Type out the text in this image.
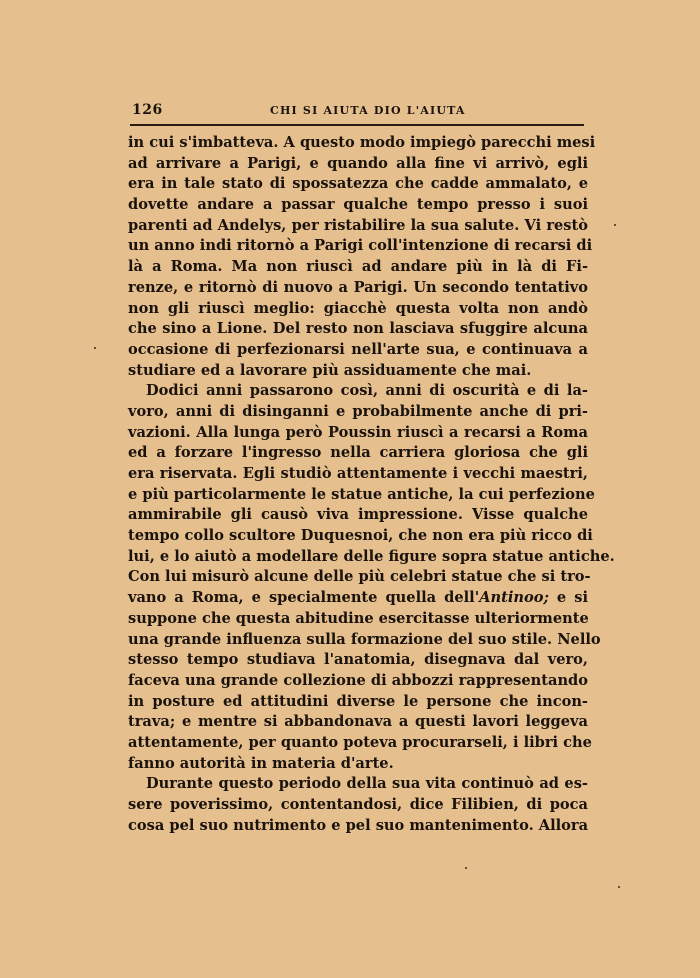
126	CHI SI AIUTA DIO L'AIUTA
in cui s'imbatteva. A questo modo impiegò parecchi mesi
ad arrivare a Parigi, e quando alla fine vi arrivò, egli
era in tale stato di spossatezza che cadde ammalato, e
dovette andare a passar qualche tempo presso i suoi
parenti ad Andelys, per ristabilire la sua salute. Vi restò
un anno indi ritornò a Parigi coll'intenzione di recarsi di
là a Roma. Ma non riuscì ad andare più in là di Fi-
renze, e ritornò di nuovo a Parigi. Un secondo tentativo
non gli riuscì meglio: giacchè questa volta non andò
che sino a Lione. Del resto non lasciava sfuggire alcuna
occasione di perfezionarsi nell'arte sua, e continuava a
studiare ed a lavorare più assiduamente che mai.
Dodici anni passarono così, anni di oscurità e di la-
voro, anni di disinganni e probabilmente anche di pri-
vazioni. Alla lunga però Poussin riuscì a recarsi a Roma
ed a forzare l'ingresso nella carriera gloriosa che gli
era riservata. Egli studiò attentamente i vecchi maestri,
e più particolarmente le statue antiche, la cui perfezione
ammirabile gli causò viva impressione. Visse qualche
tempo collo scultore Duquesnoi, che non era più ricco di
lui, e lo aiutò a modellare delle figure sopra statue antiche.
Con lui misurò alcune delle più celebri statue che si tro-
vano a Roma, e specialmente quella dell'Antinoo; e si
suppone che questa abitudine esercitasse ulteriormente
una grande influenza sulla formazione del suo stile. Nello
stesso tempo studiava l'anatomia, disegnava dal vero,
faceva una grande collezione di abbozzi rappresentando
in posture ed attitudini diverse le persone che incon-
trava; e mentre si abbandonava a questi lavori leggeva
attentamente, per quanto poteva procurarseli, i libri che
fanno autorità in materia d'arte.
Durante questo periodo della sua vita continuò ad es-
sere poverissimo, contentandosi, dice Filibien, di poca
cosa pel suo nutrimento e pel suo mantenimento. Allora
